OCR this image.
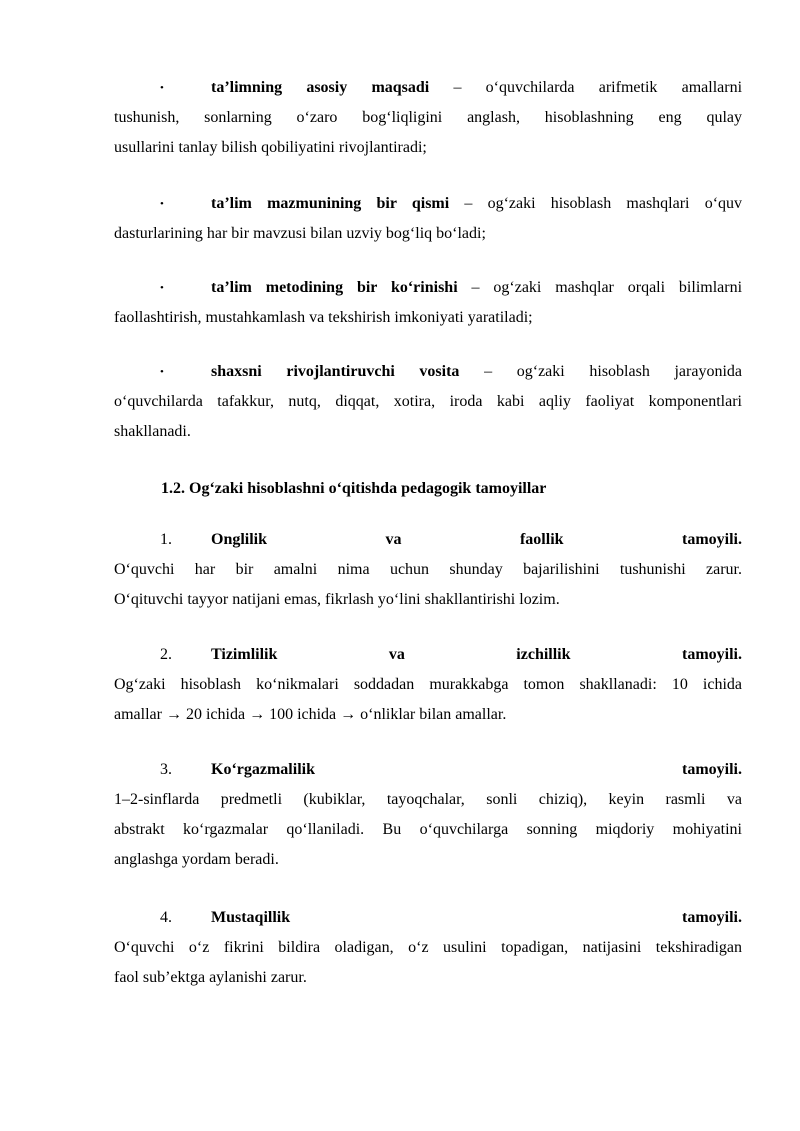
•	ta’limning asosiy maqsadi – o‘quvchilarda arifmetik amallarni
tushunish, sonlarning o‘zaro bog‘liqligini anglash, hisoblashning eng qulay
usullarini tanlay bilish qobiliyatini rivojlantiradi;
•	ta’lim mazmunining bir qismi – og‘zaki hisoblash mashqlari o‘quv
dasturlarining har bir mavzusi bilan uzviy bog‘liq bo‘ladi;
•	ta’lim metodining bir ko‘rinishi – og‘zaki mashqlar orqali bilimlarni
faollashtirish, mustahkamlash va tekshirish imkoniyati yaratiladi;
•	shaxsni rivojlantiruvchi vosita – og‘zaki hisoblash jarayonida
o‘quvchilarda tafakkur, nutq, diqqat, xotira, iroda kabi aqliy faoliyat komponentlari
shakllanadi.
1.2. Og‘zaki hisoblashni o‘qitishda pedagogik tamoyillar
1. Onglilik	va	faollik	tamoyili.
O‘quvchi har bir amalni nima uchun shunday bajarilishini tushunishi zarur.
O‘qituvchi tayyor natijani emas, fikrlash yo‘lini shakllantirishi lozim.
2. Tizimlilik	va	izchillik	tamoyili.
Og‘zaki hisoblash ko‘nikmalari soddadan murakkabga tomon shakllanadi: 10 ichida
amallar → 20 ichida → 100 ichida → o‘nliklar bilan amallar.
3. Ko‘rgazmalilik	tamoyili.
1–2-sinflarda predmetli (kubiklar, tayoqchalar, sonli chiziq), keyin rasmli va
abstrakt ko‘rgazmalar qo‘llaniladi. Bu o‘quvchilarga sonning miqdoriy mohiyatini
anglashga yordam beradi.
4. Mustaqillik	tamoyili.
O‘quvchi o‘z fikrini bildira oladigan, o‘z usulini topadigan, natijasini tekshiradigan
faol sub’ektga aylanishi zarur.
